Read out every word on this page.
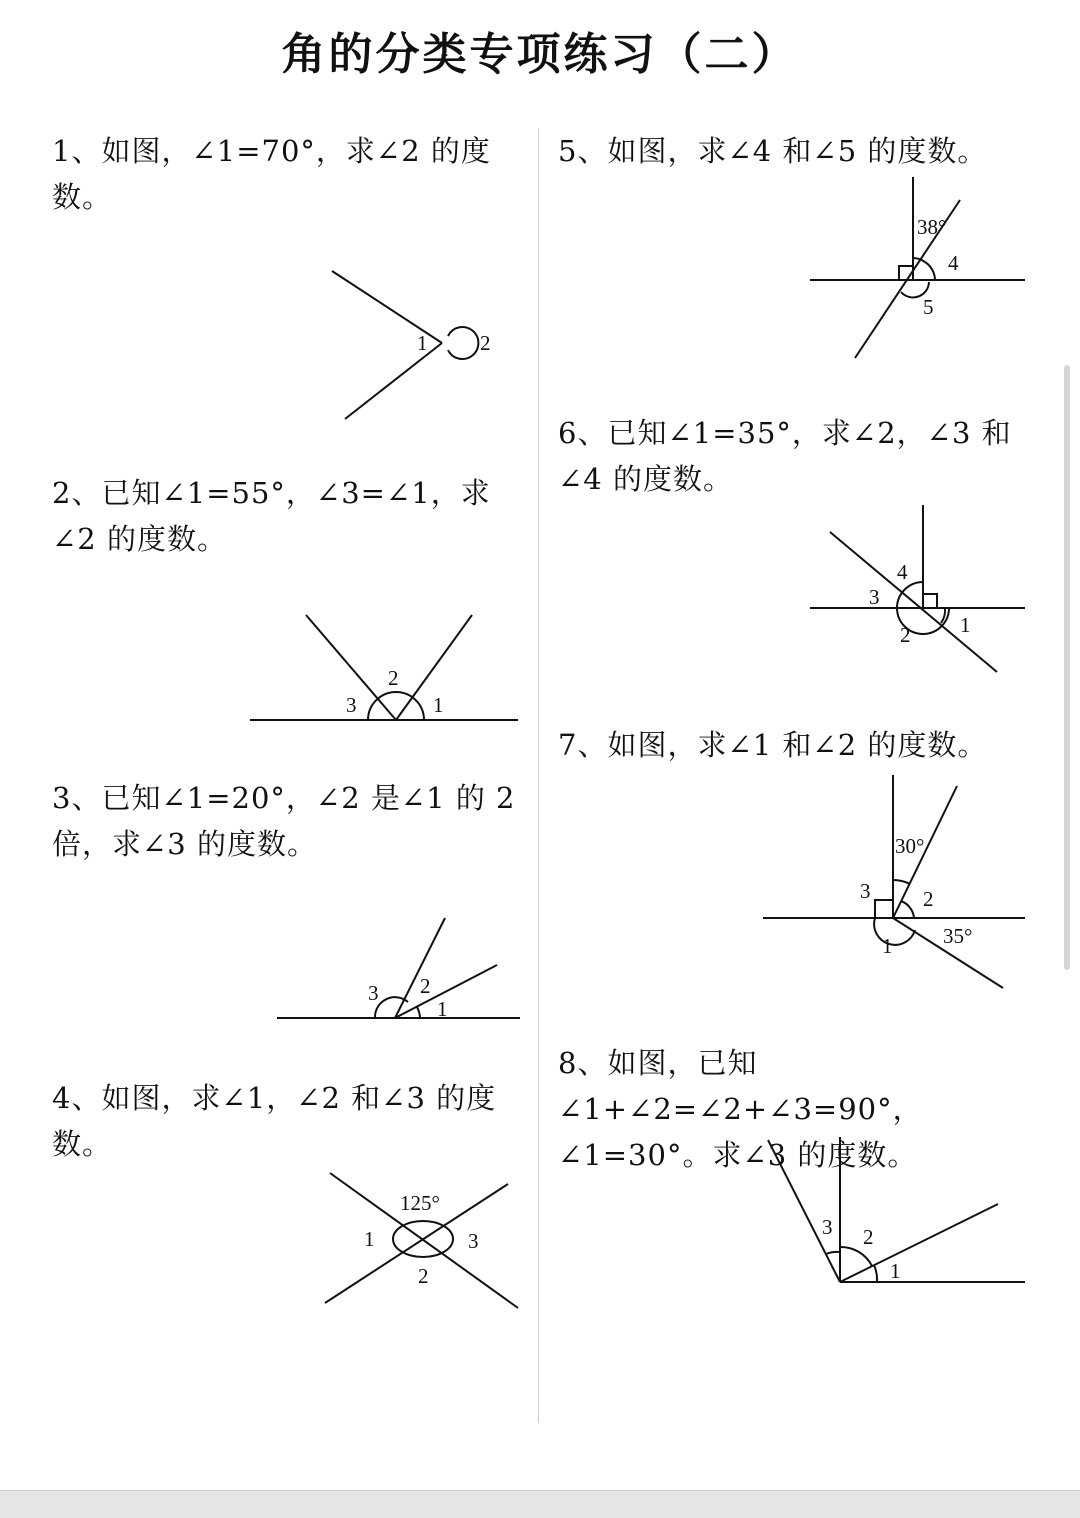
角的分类专项练习（二）
1、如图，∠1=70°，求∠2 的度数。
1	2
2、已知∠1=55°，∠3=∠1，求∠2 的度数。
2
3	1
3、已知∠1=20°，∠2 是∠1 的 2 倍，求∠3 的度数。
3 2
1
4、如图，求∠1，∠2 和∠3 的度数。
125°
1	3
2
5、如图，求∠4 和∠5 的度数。
38°
4
5
6、已知∠1=35°，求∠2，∠3 和∠4 的度数。
4
3
2 1
7、如图，求∠1 和∠2 的度数。
30°
3	2
35°
1
8、如图，已知∠1+∠2=∠2+∠3=90°，∠1=30°。求∠3 的度数。
3 2
1
